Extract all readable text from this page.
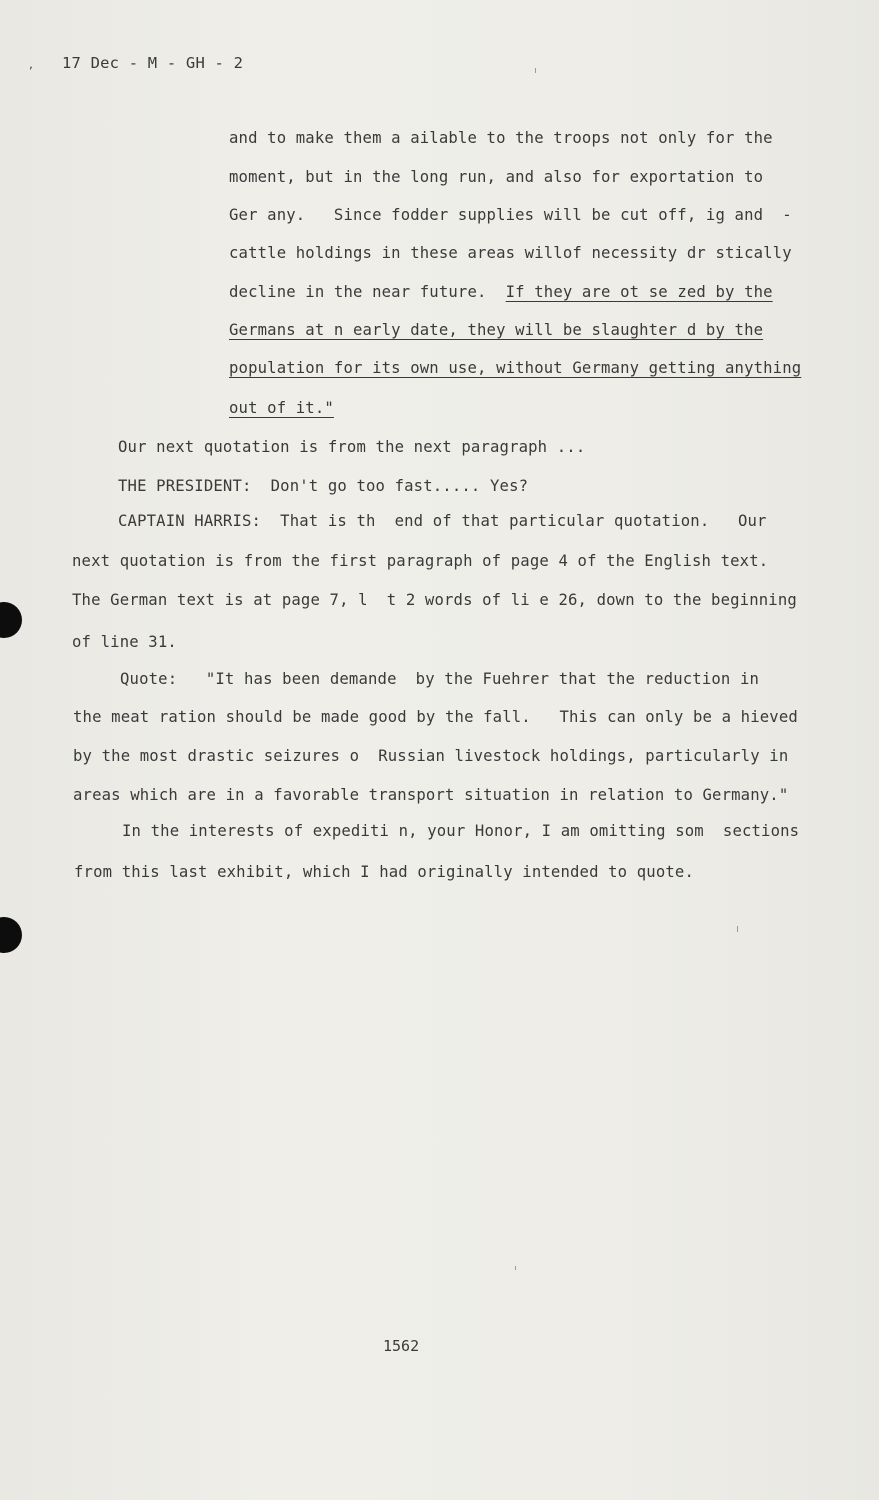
, 17 Dec - M - GH - 2
and to make them a ailable to the troops not only for the
moment, but in the long run, and also for exportation to
Ger any.   Since fodder supplies will be cut off, ig and  -
cattle holdings in these areas willof necessity dr stically
decline in the near future. If they are ot se zed by the
Germans at n early date, they will be slaughter d by the
population for its own use, without Germany getting anything
out of it."
Our next quotation is from the next paragraph ...
THE PRESIDENT:  Don't go too fast..... Yes?
CAPTAIN HARRIS:  That is th  end of that particular quotation.   Our
next quotation is from the first paragraph of page 4 of the English text.
The German text is at page 7, l  t 2 words of li e 26, down to the beginning
of line 31.
Quote:   "It has been demande  by the Fuehrer that the reduction in
the meat ration should be made good by the fall.   This can only be a hieved
by the most drastic seizures o  Russian livestock holdings, particularly in
areas which are in a favorable transport situation in relation to Germany."
In the interests of expediti n, your Honor, I am omitting som  sections
from this last exhibit, which I had originally intended to quote.
1562
